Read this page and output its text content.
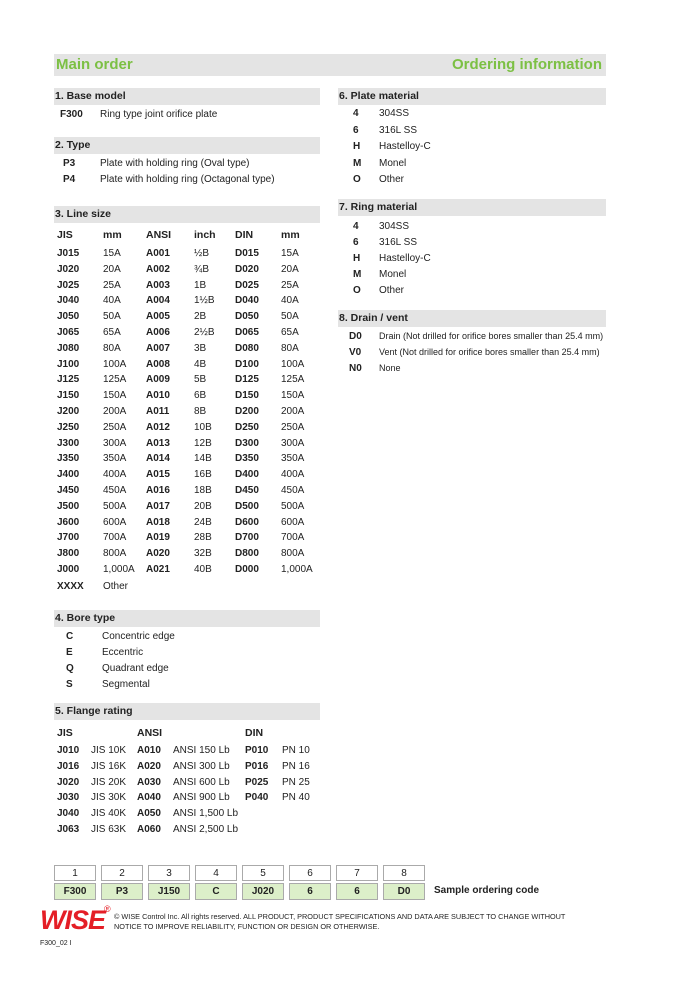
Main order	Ordering information
1. Base model
F300 Ring type joint orifice plate
2. Type
P3 Plate with holding ring (Oval type)
P4 Plate with holding ring (Octagonal type)
3. Line size
JIS	mm ANSI inch DIN	mm
J015 15A	A001 ½B	D015 15A
J020 20A	A002 ¾B	D020 20A
J025 25A	A003 1B	D025 25A
J040 40A	A004 1½B D040 40A
J050 50A	A005 2B	D050 50A
J065 65A	A006 2½B D065 65A
J080 80A	A007 3B	D080 80A
J100 100A A008 4B	D100 100A
J125 125A A009 5B	D125 125A
J150 150A A010 6B	D150 150A
J200 200A A011 8B	D200 200A
J250 250A A012 10B D250 250A
J300 300A A013 12B D300 300A
J350 350A A014 14B D350 350A
J400 400A A015 16B D400 400A
J450 450A A016 18B D450 450A
J500 500A A017 20B D500 500A
J600 600A A018 24B D600 600A
J700 700A A019 28B D700 700A
J800 800A A020 32B D800 800A
J000 1,000A A021 40B D000 1,000A
XXXX Other
4. Bore type
C	Concentric edge
E	Eccentric
Q	Quadrant edge
S	Segmental
5. Flange rating
JIS	ANSI	DIN
J010 JIS 10K A010 ANSI 150 Lb P010 PN 10
J016 JIS 16K A020 ANSI 300 Lb P016 PN 16
J020 JIS 20K A030 ANSI 600 Lb P025 PN 25
J030 JIS 30K A040 ANSI 900 Lb P040 PN 40
J040 JIS 40K A050 ANSI 1,500 Lb
J063 JIS 63K A060 ANSI 2,500 Lb
6. Plate material
4 304SS
6 316L SS
H Hastelloy-C
M Monel
O Other
7. Ring material
4 304SS
6 316L SS
H Hastelloy-C
M Monel
O Other
8. Drain / vent
D0 Drain (Not drilled for orifice bores smaller than 25.4 mm)
V0 Vent (Not drilled for orifice bores smaller than 25.4 mm)
N0 None
1
F300
2
P3
3
J150
4
C
5
J020
6
6
7
6
8
D0	Sample ordering code
WISE
®
© WISE Control Inc. All rights reserved. ALL PRODUCT, PRODUCT SPECIFICATIONS AND DATA ARE SUBJECT TO CHANGE WITHOUT
NOTICE TO IMPROVE RELIABILITY, FUNCTION OR DESIGN OR OTHERWISE.
F300_02 I
